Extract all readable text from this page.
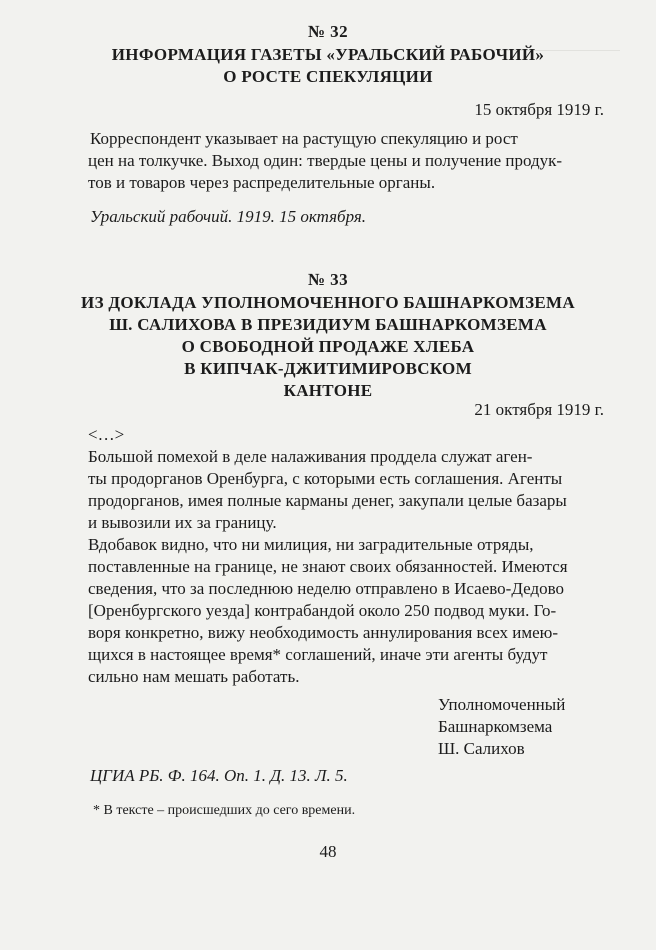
№ 32
ИНФОРМАЦИЯ ГАЗЕТЫ «УРАЛЬСКИЙ РАБОЧИЙ»
О РОСТЕ СПЕКУЛЯЦИИ
15 октября 1919 г.
Корреспондент указывает на растущую спекуляцию и рост
цен на толкучке. Выход один: твердые цены и получение продук-
тов и товаров через распределительные органы.
Уральский рабочий. 1919. 15 октября.
№ 33
ИЗ ДОКЛАДА УПОЛНОМОЧЕННОГО БАШНАРКОМЗЕМА
Ш. САЛИХОВА В ПРЕЗИДИУМ БАШНАРКОМЗЕМА
О СВОБОДНОЙ ПРОДАЖЕ ХЛЕБА
В КИПЧАК-ДЖИТИМИРОВСКОМ
КАНТОНЕ
21 октября 1919 г.
<…>
Большой помехой в деле налаживания проддела служат аген-
ты продорганов Оренбурга, с которыми есть соглашения. Агенты
продорганов, имея полные карманы денег, закупали целые базары
и вывозили их за границу.
Вдобавок видно, что ни милиция, ни заградительные отряды,
поставленные на границе, не знают своих обязанностей. Имеются
сведения, что за последнюю неделю отправлено в Исаево-Дедово
[Оренбургского уезда] контрабандой около 250 подвод муки. Го-
воря конкретно, вижу необходимость аннулирования всех имею-
щихся в настоящее время* соглашений, иначе эти агенты будут
сильно нам мешать работать.
Уполномоченный
Башнаркомзема
Ш. Салихов
ЦГИА РБ. Ф. 164. Оп. 1. Д. 13. Л. 5.
* В тексте – происшедших до сего времени.
48
